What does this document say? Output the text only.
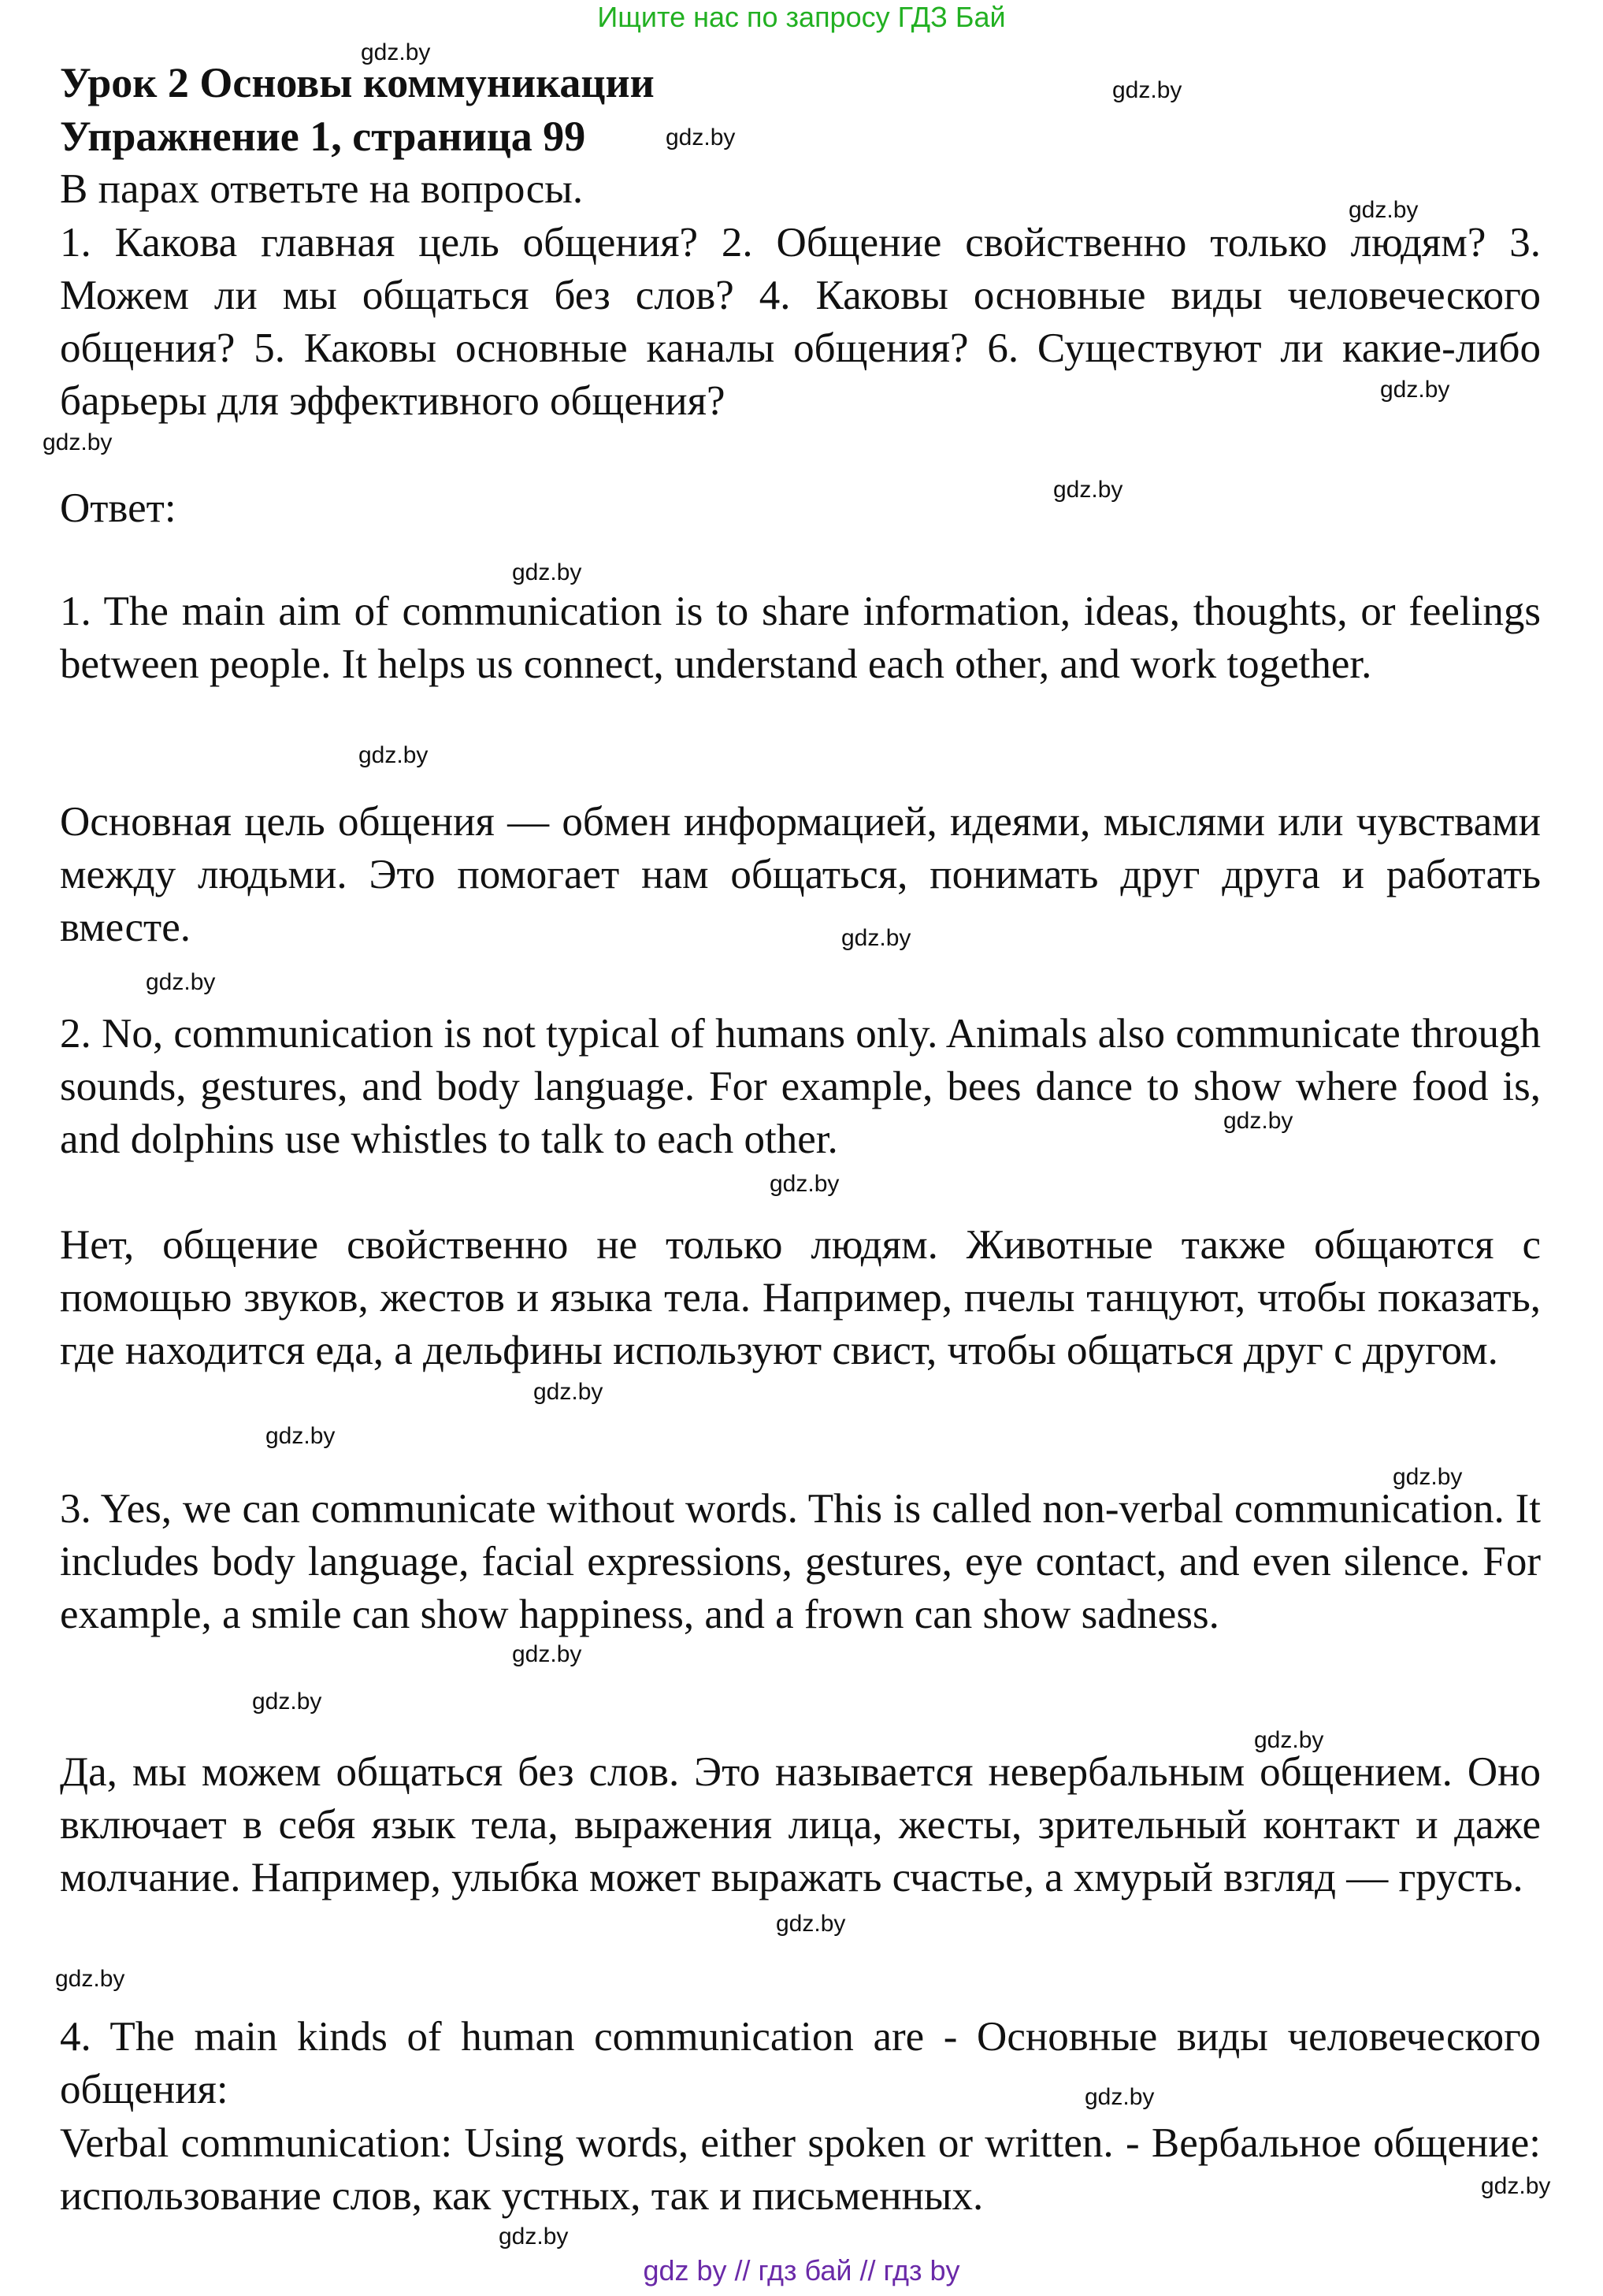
Ищите нас по запросу ГДЗ Бай
Урок 2 Основы коммуникации
Упражнение 1, страница 99
В парах ответьте на вопросы.
1. Какова главная цель общения? 2. Общение свойственно только людям? 3. Можем ли мы общаться без слов? 4. Каковы основные виды человеческого общения? 5. Каковы основные каналы общения? 6. Существуют ли какие-либо барьеры для эффективного общения?
Ответ:
1. The main aim of communication is to share information, ideas, thoughts, or feelings between people. It helps us connect, understand each other, and work together.
Основная цель общения — обмен информацией, идеями, мыслями или чувствами между людьми. Это помогает нам общаться, понимать друг друга и работать вместе.
2. No, communication is not typical of humans only. Animals also communicate through sounds, gestures, and body language. For example, bees dance to show where food is, and dolphins use whistles to talk to each other.
Нет, общение свойственно не только людям. Животные также общаются с помощью звуков, жестов и языка тела. Например, пчелы танцуют, чтобы показать, где находится еда, а дельфины используют свист, чтобы общаться друг с другом.
3. Yes, we can communicate without words. This is called non-verbal communication. It includes body language, facial expressions, gestures, eye contact, and even silence. For example, a smile can show happiness, and a frown can show sadness.
Да, мы можем общаться без слов. Это называется невербальным общением. Оно включает в себя язык тела, выражения лица, жесты, зрительный контакт и даже молчание. Например, улыбка может выражать счастье, а хмурый взгляд — грусть.
4. The main kinds of human communication are - Основные виды человеческого общения:
Verbal communication: Using words, either spoken or written. - Вербальное общение: использование слов, как устных, так и письменных.
gdz.by
gdz.by
gdz.by
gdz.by
gdz.by
gdz.by
gdz.by
gdz.by
gdz.by
gdz.by
gdz.by
gdz.by
gdz.by
gdz.by
gdz.by
gdz.by
gdz.by
gdz.by
gdz.by
gdz.by
gdz.by
gdz.by
gdz.by
gdz.by
gdz by // гдз бай // гдз by
